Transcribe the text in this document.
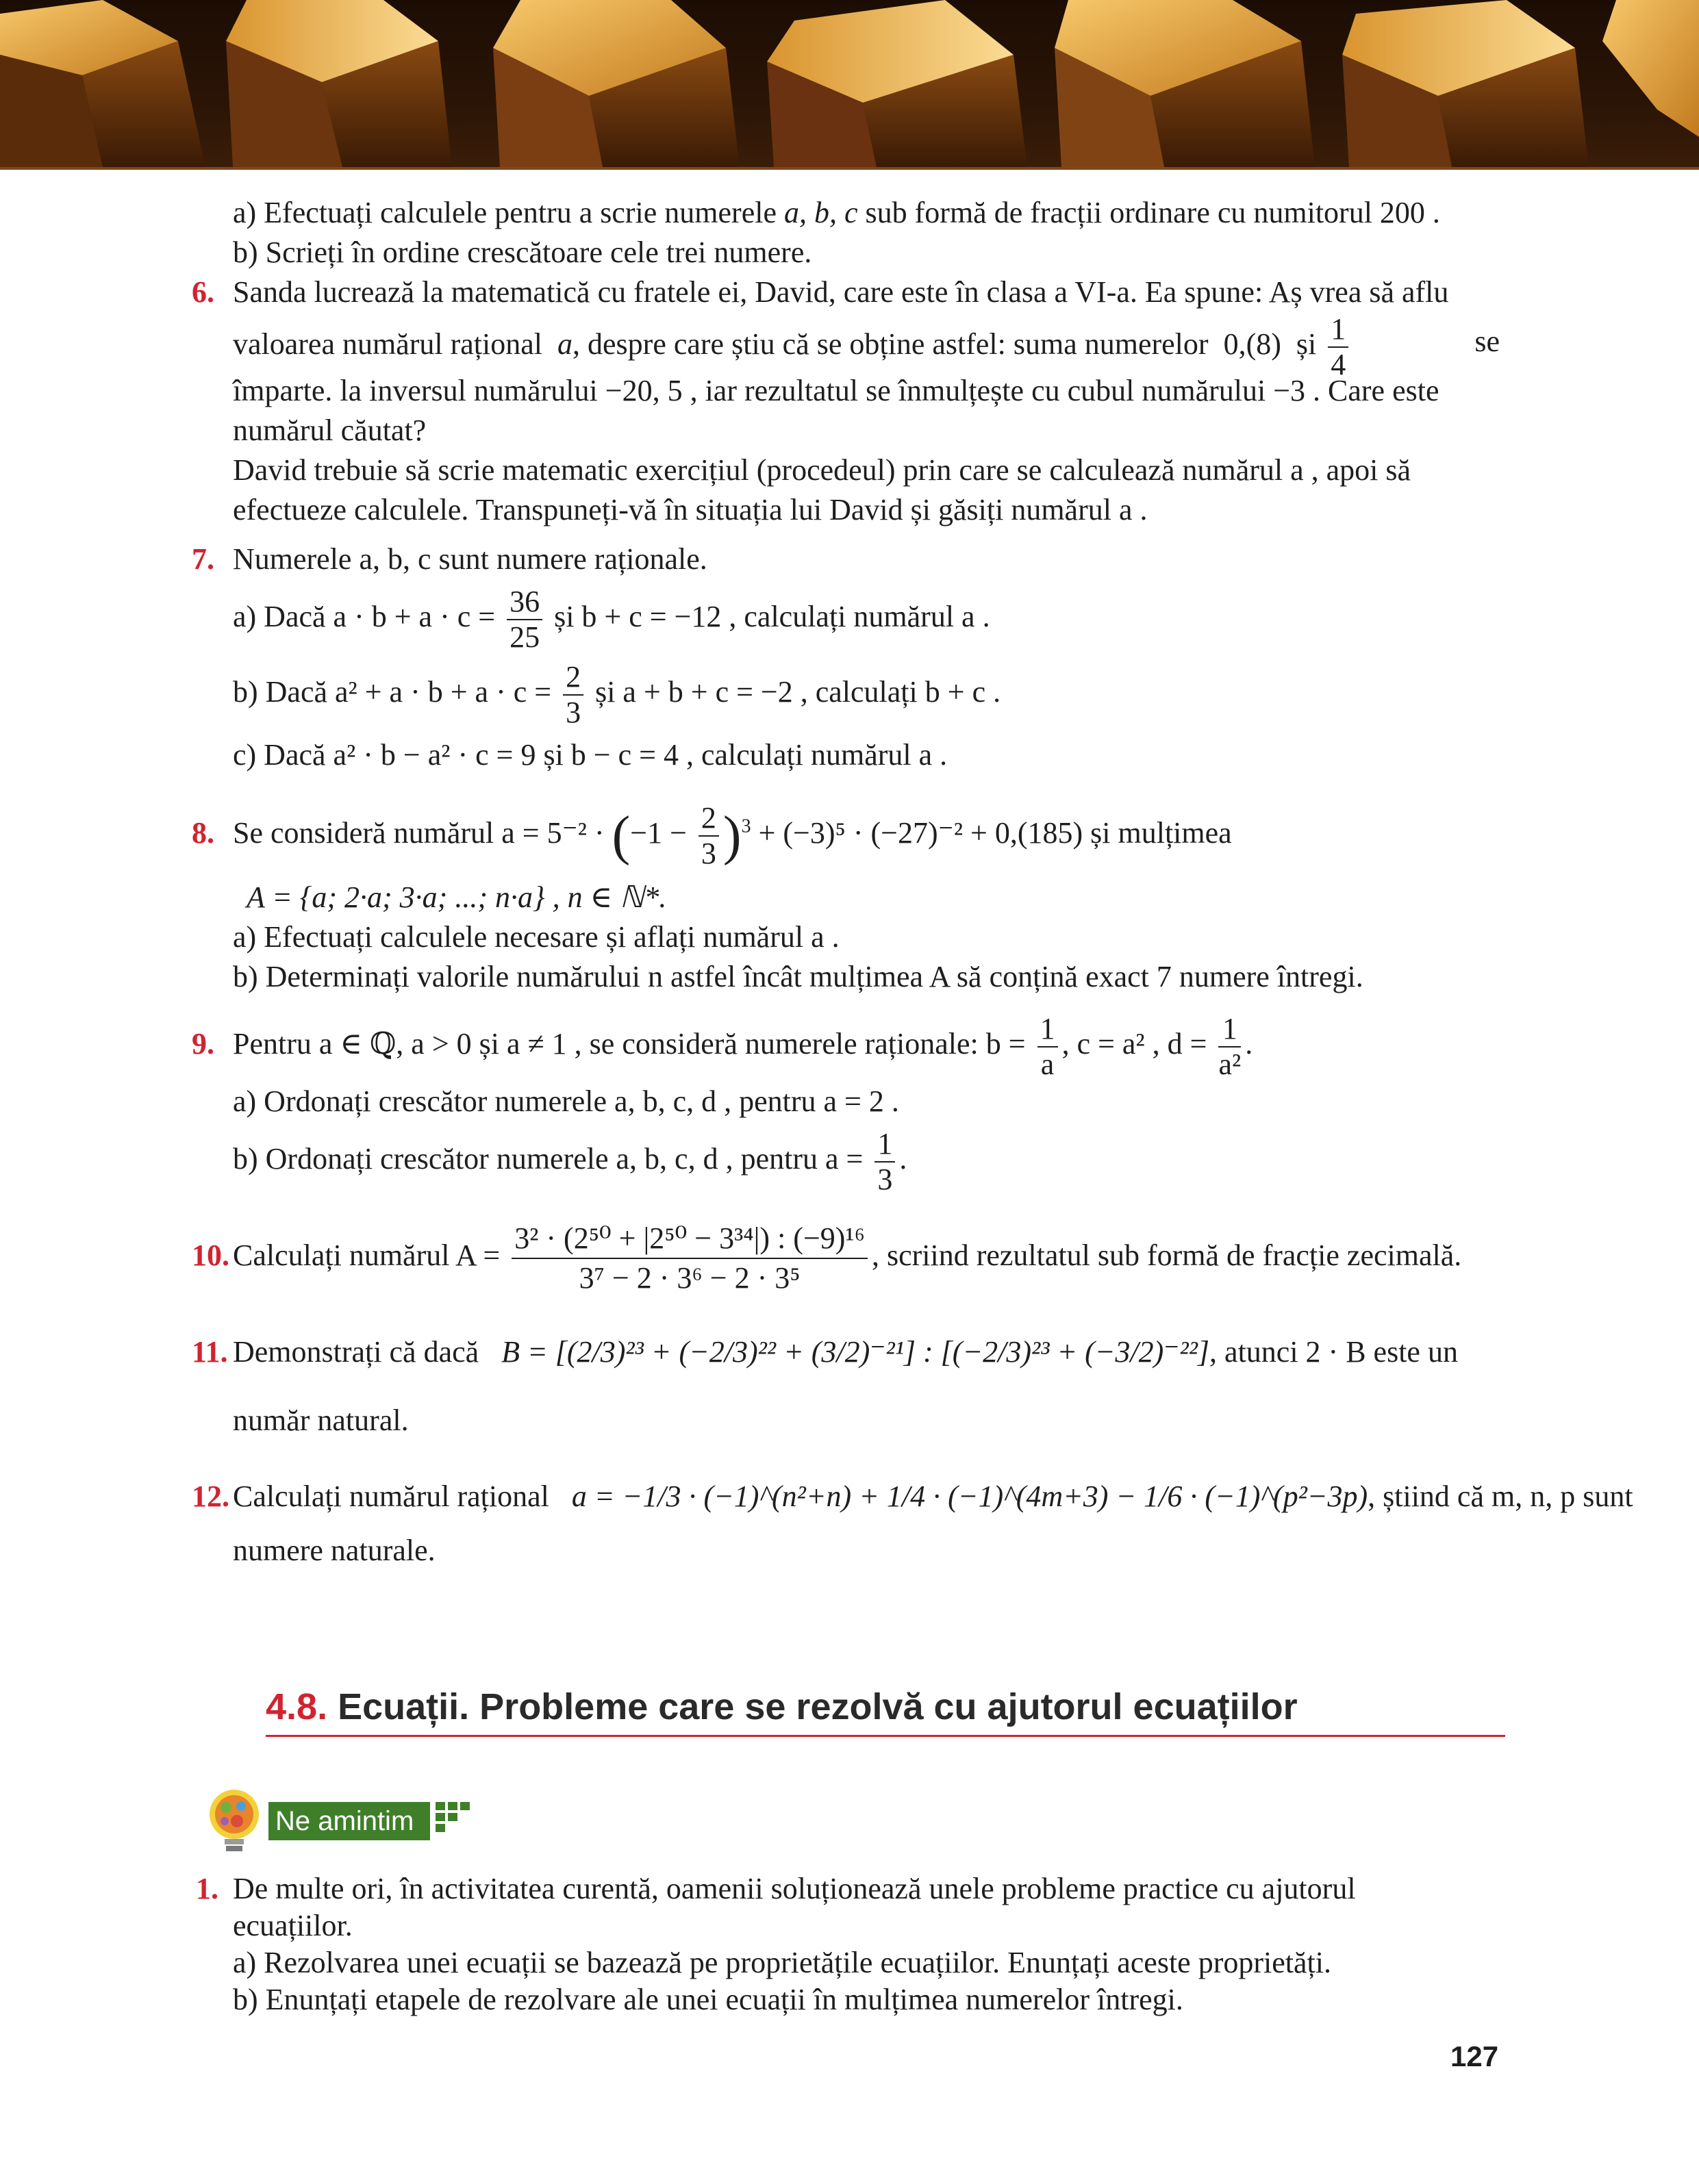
a) Efectuați calculele pentru a scrie numerele a, b, c sub formă de fracții ordinare cu numitorul 200 .

b) Scrieți în ordine crescătoare cele trei numere.

6. Sanda lucrează la matematică cu fratele ei, David, care este în clasa a VI-a. Ea spune: Aș vrea să aflu

valoarea numărul rațional a, despre care știu că se obține astfel: suma numerelor 0,(8) și $\frac{1}{4}$	se

împarte. la inversul numărului −20, 5 , iar rezultatul se înmulțește cu cubul numărului −3 . Care este

numărul căutat?

David trebuie să scrie matematic exercițiul (procedeul) prin care se calculează numărul a , apoi să

efectueze calculele. Transpuneți-vă în situația lui David și găsiți numărul a .

7. Numerele a, b, c sunt numere raționale.

a) Dacă $a \cdot b + a \cdot c = \frac{36}{25}$ și b + c = −12 , calculați numărul a .

b) Dacă $a^2 + a \cdot b + a \cdot c = \frac{2}{3}$ și a + b + c = −2 , calculați b + c .

c) Dacă a² · b − a² · c = 9 și b − c = 4 , calculați numărul a .

8. Se consideră numărul $a = 5^{-2} \cdot (-1 - \frac{2}{3} )^3 + (-3)^5 \cdot (-27)^{-2} + 0,(185)$ și mulțimea

A = {a; 2·a; 3·a; ...; n·a} , n ∈ ℕ*.

a) Efectuați calculele necesare și aflați numărul a .

b) Determinați valorile numărului n astfel încât mulțimea A să conțină exact 7 numere întregi.

9. Pentru a ∈ ℚ, a > 0 și a ≠ 1 , se consideră numerele raționale: $b = \frac{1}{a}$ , c = a² , $d = \frac{1}{\text{a²}}$ .

a) Ordonați crescător numerele a, b, c, d , pentru a = 2 .

b) Ordonați crescător numerele a, b, c, d , pentru $a = \frac{1}{3}$ .

10. Calculați numărul $A = \frac{\text{3² · (2⁵⁰ + |2⁵⁰ − 3³⁴|) : (−9)¹⁶}}{\text{3⁷ − 2 · 3⁶ − 2 · 3⁵}}$ , scriind rezultatul sub formă de fracție zecimală.

11. Demonstrați că dacă B = [(2/3)²³ + (−2/3)²² + (3/2)⁻²¹] : [(−2/3)²³ + (−3/2)⁻²²], atunci 2 · B este un

număr natural.

12. Calculați numărul rațional a = −1/3 · (−1)^(n²+n) + 1/4 · (−1)^(4m+3) − 1/6 · (−1)^(p²−3p), știind că m, n, p sunt

numere naturale.

4.8. Ecuații. Probleme care se rezolvă cu ajutorul ecuațiilor
Ne amintim

1. De multe ori, în activitatea curentă, oamenii soluționează unele probleme practice cu ajutorul

ecuațiilor.

a) Rezolvarea unei ecuații se bazează pe proprietățile ecuațiilor. Enunțați aceste proprietăți.

b) Enunțați etapele de rezolvare ale unei ecuații în mulțimea numerelor întregi.

127
